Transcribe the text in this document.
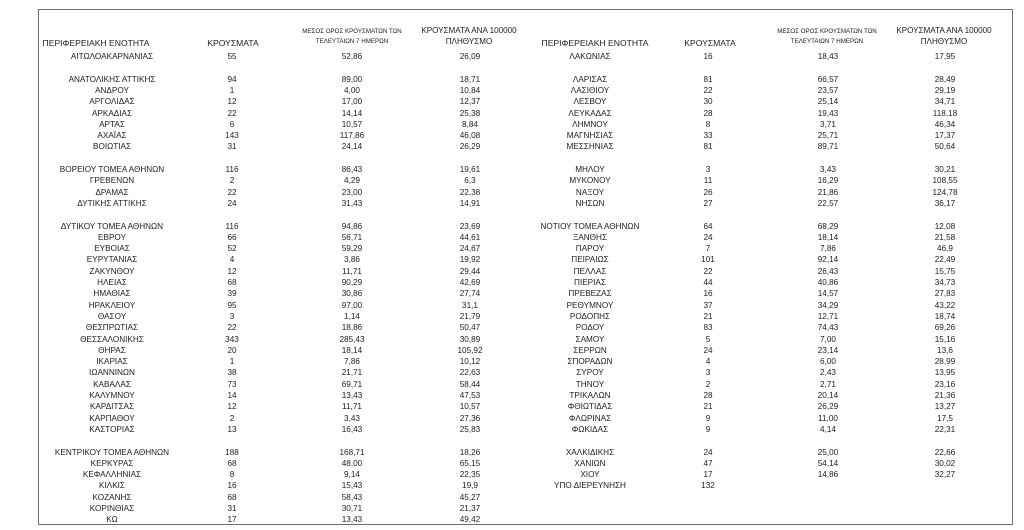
ΠΕΡΙΦΕΡΕΙΑΚΗ ΕΝΟΤΗΤΑ	ΚΡΟΥΣΜΑΤΑ
ΜΕΣΟΣ ΟΡΟΣ ΚΡΟΥΣΜΑΤΩΝ ΤΩΝ
ΤΕΛΕΥΤΑΙΩΝ 7 ΗΜΕΡΩΝ
ΚΡΟΥΣΜΑΤΑ ΑΝΑ 100000
ΠΛΗΘΥΣΜΟ	ΠΕΡΙΦΕΡΕΙΑΚΗ ΕΝΟΤΗΤΑ	ΚΡΟΥΣΜΑΤΑ
ΜΕΣΟΣ ΟΡΟΣ ΚΡΟΥΣΜΑΤΩΝ ΤΩΝ
ΤΕΛΕΥΤΑΙΩΝ 7 ΗΜΕΡΩΝ
ΚΡΟΥΣΜΑΤΑ ΑΝΑ 100000
ΠΛΗΘΥΣΜΟ
ΑΙΤΩΛΟΑΚΑΡΝΑΝΙΑΣ	55	52,86	26,09
ΑΝΑΤΟΛΙΚΗΣ ΑΤΤΙΚΗΣ	94	89,00	18,71
ΑΝΔΡΟΥ	1	4,00	10,84
ΑΡΓΟΛΙΔΑΣ	12	17,00	12,37
ΑΡΚΑΔΙΑΣ	22	14,14	25,38
ΑΡΤΑΣ	6	10,57	8,84
ΑΧΑΪΑΣ	143	117,86	46,08
ΒΟΙΩΤΙΑΣ	31	24,14	26,29
ΒΟΡΕΙΟΥ ΤΟΜΕΑ ΑΘΗΝΩΝ	116	86,43	19,61
ΓΡΕΒΕΝΩΝ	2	4,29	6,3
ΔΡΑΜΑΣ	22	23,00	22,38
ΔΥΤΙΚΗΣ ΑΤΤΙΚΗΣ	24	31,43	14,91
ΔΥΤΙΚΟΥ ΤΟΜΕΑ ΑΘΗΝΩΝ	116	94,86	23,69
ΕΒΡΟΥ	66	56,71	44,61
ΕΥΒΟΙΑΣ	52	59,29	24,67
ΕΥΡΥΤΑΝΙΑΣ	4	3,86	19,92
ΖΑΚΥΝΘΟΥ	12	11,71	29,44
ΗΛΕΙΑΣ	68	90,29	42,69
ΗΜΑΘΙΑΣ	39	30,86	27,74
ΗΡΑΚΛΕΙΟΥ	95	97,00	31,1
ΘΑΣΟΥ	3	1,14	21,79
ΘΕΣΠΡΩΤΙΑΣ	22	18,86	50,47
ΘΕΣΣΑΛΟΝΙΚΗΣ	343	285,43	30,89
ΘΗΡΑΣ	20	18,14	105,92
ΙΚΑΡΙΑΣ	1	7,86	10,12
ΙΩΑΝΝΙΝΩΝ	38	21,71	22,63
ΚΑΒΑΛΑΣ	73	69,71	58,44
ΚΑΛΥΜΝΟΥ	14	13,43	47,53
ΚΑΡΔΙΤΣΑΣ	12	11,71	10,57
ΚΑΡΠΑΘΟΥ	2	3,43	27,36
ΚΑΣΤΟΡΙΑΣ	13	16,43	25,83
ΚΕΝΤΡΙΚΟΥ ΤΟΜΕΑ ΑΘΗΝΩΝ	188	168,71	18,26
ΚΕΡΚΥΡΑΣ	68	48,00	65,15
ΚΕΦΑΛΛΗΝΙΑΣ	8	9,14	22,35
ΚΙΛΚΙΣ	16	15,43	19,9
ΚΟΖΑΝΗΣ	68	58,43	45,27
ΚΟΡΙΝΘΙΑΣ	31	30,71	21,37
ΚΩ	17	13,43	49,42
ΛΑΚΩΝΙΑΣ	16	18,43	17,95
ΛΑΡΙΣΑΣ	81	66,57	28,49
ΛΑΣΙΘΙΟΥ	22	23,57	29,19
ΛΕΣΒΟΥ	30	25,14	34,71
ΛΕΥΚΑΔΑΣ	28	19,43	118,18
ΛΗΜΝΟΥ	8	3,71	46,34
ΜΑΓΝΗΣΙΑΣ	33	25,71	17,37
ΜΕΣΣΗΝΙΑΣ	81	89,71	50,64
ΜΗΛΟΥ	3	3,43	30,21
ΜΥΚΟΝΟΥ	11	16,29	108,55
ΝΑΞΟΥ	26	21,86	124,78
ΝΗΣΩΝ	27	22,57	36,17
ΝΟΤΙΟΥ ΤΟΜΕΑ ΑΘΗΝΩΝ	64	68,29	12,08
ΞΑΝΘΗΣ	24	18,14	21,58
ΠΑΡΟΥ	7	7,86	46,9
ΠΕΙΡΑΙΩΣ	101	92,14	22,49
ΠΕΛΛΑΣ	22	26,43	15,75
ΠΙΕΡΙΑΣ	44	40,86	34,73
ΠΡΕΒΕΖΑΣ	16	14,57	27,83
ΡΕΘΥΜΝΟΥ	37	34,29	43,22
ΡΟΔΟΠΗΣ	21	12,71	18,74
ΡΟΔΟΥ	83	74,43	69,26
ΣΑΜΟΥ	5	7,00	15,16
ΣΕΡΡΩΝ	24	23,14	13,6
ΣΠΟΡΑΔΩΝ	4	6,00	28,99
ΣΥΡΟΥ	3	2,43	13,95
ΤΗΝΟΥ	2	2,71	23,16
ΤΡΙΚΑΛΩΝ	28	20,14	21,36
ΦΘΙΩΤΙΔΑΣ	21	26,29	13,27
ΦΛΩΡΙΝΑΣ	9	11,00	17,5
ΦΩΚΙΔΑΣ	9	4,14	22,31
ΧΑΛΚΙΔΙΚΗΣ	24	25,00	22,66
ΧΑΝΙΩΝ	47	54,14	30,02
ΧΙΟΥ	17	14,86	32,27
ΥΠΟ ΔΙΕΡΕΥΝΗΣΗ	132
